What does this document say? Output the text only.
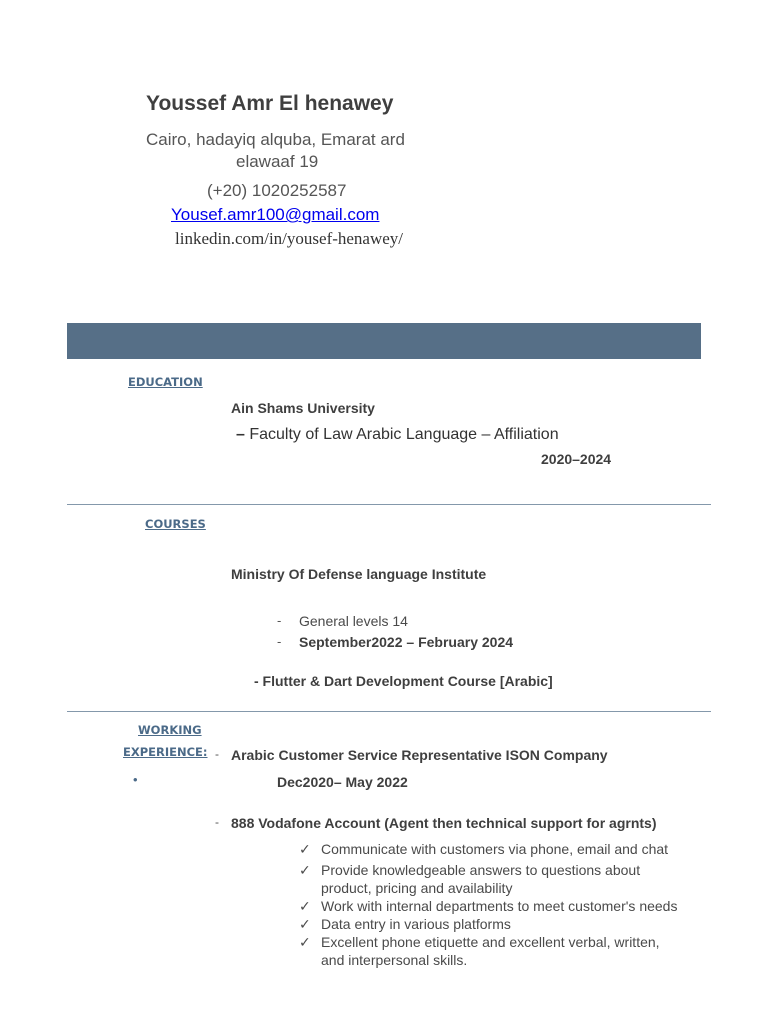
Youssef Amr El henawey
Cairo, hadayiq alquba, Emarat ard
elawaaf 19
(+20) 1020252587
Yousef.amr100@gmail.com
linkedin.com/in/yousef-henawey/
EDUCATION
Ain Shams University
– Faculty of Law Arabic Language – Affiliation
2020–2024
COURSES
Ministry Of Defense language Institute
- General levels 14
- September2022 – February 2024
- Flutter & Dart Development Course [Arabic]
WORKING
EXPERIENCE:
•
- Arabic Customer Service Representative ISON Company
Dec2020– May 2022
- 888 Vodafone Account (Agent then technical support for agrnts)
✓ Communicate with customers via phone, email and chat
✓ Provide knowledgeable answers to questions about
product, pricing and availability
✓Work with internal departments to meet customer's needs
✓ Data entry in various platforms
✓ Excellent phone etiquette and excellent verbal, written,
and interpersonal skills.
